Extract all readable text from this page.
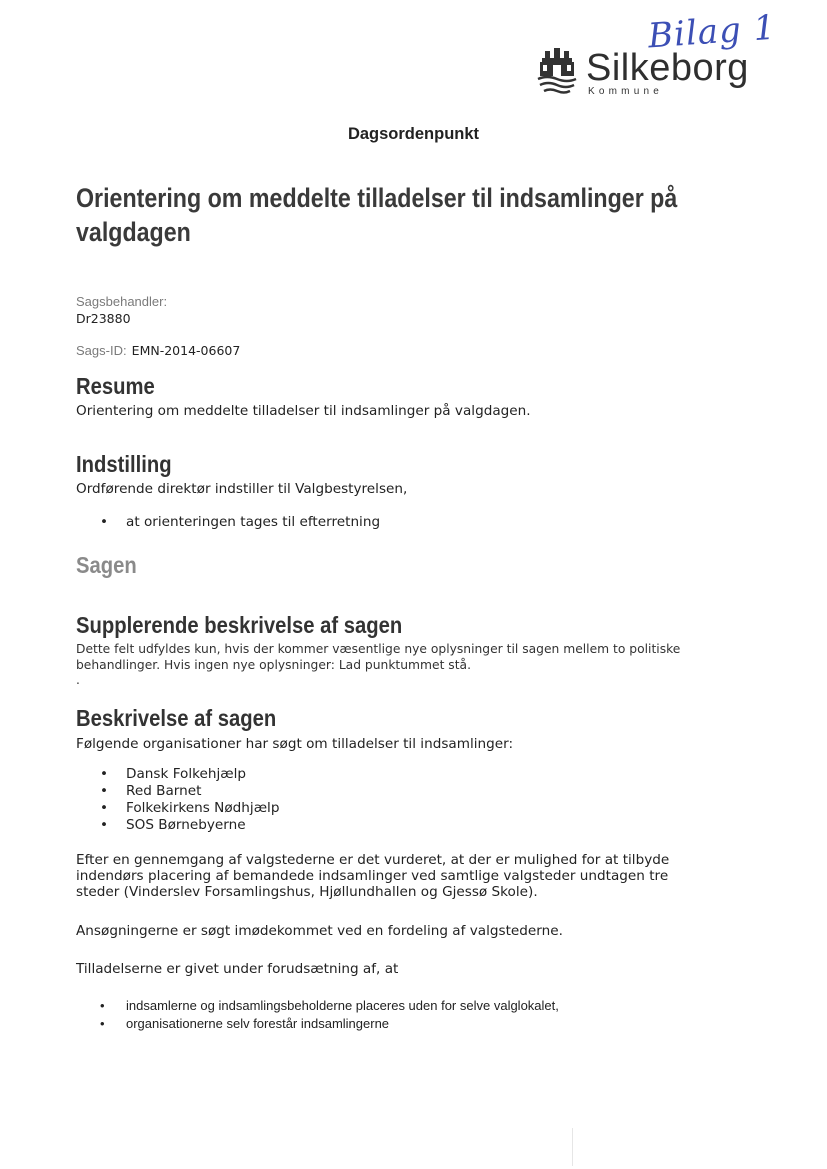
Bilag 1
Silkeborg
Kommune
Dagsordenpunkt
Orientering om meddelte tilladelser til indsamlinger på valgdagen
Sagsbehandler:
Dr23880
Sags-ID: EMN-2014-06607
Resume
Orientering om meddelte tilladelser til indsamlinger på valgdagen.
Indstilling
Ordførende direktør indstiller til Valgbestyrelsen,
• at orienteringen tages til efterretning
Sagen
Supplerende beskrivelse af sagen
Dette felt udfyldes kun, hvis der kommer væsentlige nye oplysninger til sagen mellem to politiske
behandlinger. Hvis ingen nye oplysninger: Lad punktummet stå.
.
Beskrivelse af sagen
Følgende organisationer har søgt om tilladelser til indsamlinger:
• Dansk Folkehjælp
• Red Barnet
• Folkekirkens Nødhjælp
• SOS Børnebyerne
Efter en gennemgang af valgstederne er det vurderet, at der er mulighed for at tilbyde
indendørs placering af bemandede indsamlinger ved samtlige valgsteder undtagen tre
steder (Vinderslev Forsamlingshus, Hjøllundhallen og Gjessø Skole).
Ansøgningerne er søgt imødekommet ved en fordeling af valgstederne.
Tilladelserne er givet under forudsætning af, at
• indsamlerne og indsamlingsbeholderne placeres uden for selve valglokalet,
• organisationerne selv forestår indsamlingerne
